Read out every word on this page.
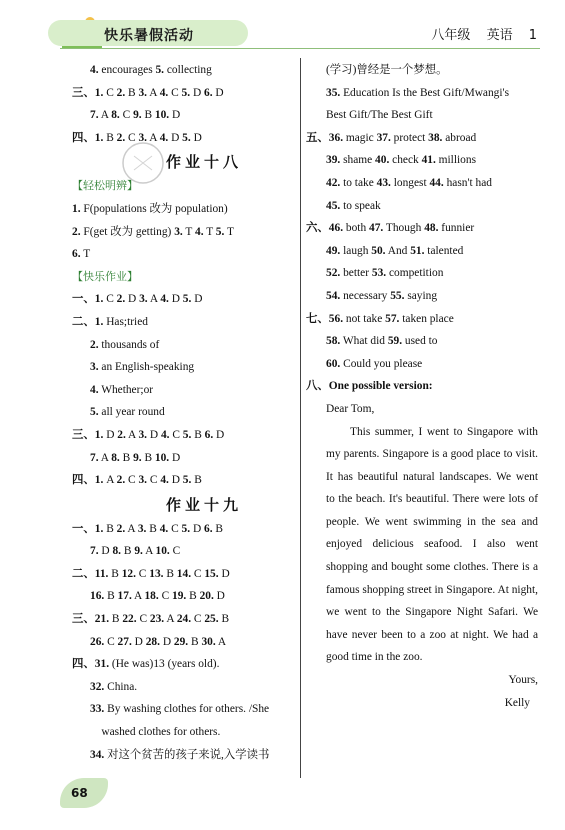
快乐暑假活动	八年级 英语 1
4. encourages 5. collecting
三、1. C 2. B 3. A 4. C 5. D 6. D
7. A 8. C 9. B 10. D
四、1. B 2. C 3. A 4. D 5. D
作业十八
【轻松明辨】
1. F(populations 改为 population)
2. F(get 改为 getting) 3. T 4. T 5. T
6. T
【快乐作业】
一、1. C 2. D 3. A 4. D 5. D
二、1. Has;tried
2. thousands of
3. an English-speaking
4. Whether;or
5. all year round
三、1. D 2. A 3. D 4. C 5. B 6. D
7. A 8. B 9. B 10. D
四、1. A 2. C 3. C 4. D 5. B
作业十九
一、1. B 2. A 3. B 4. C 5. D 6. B
7. D 8. B 9. A 10. C
二、11. B 12. C 13. B 14. C 15. D
16. B 17. A 18. C 19. B 20. D
三、21. B 22. C 23. A 24. C 25. B
26. C 27. D 28. D 29. B 30. A
四、31. (He was)13 (years old).
32. China.
33. By washing clothes for others. /She
washed clothes for others.
34. 对这个贫苦的孩子来说,入学读书
(学习)曾经是一个梦想。
35. Education Is the Best Gift/Mwangi's
Best Gift/The Best Gift
五、36. magic 37. protect 38. abroad
39. shame 40. check 41. millions
42. to take 43. longest 44. hasn't had
45. to speak
六、46. both 47. Though 48. funnier
49. laugh 50. And 51. talented
52. better 53. competition
54. necessary 55. saying
七、56. not take 57. taken place
58. What did 59. used to
60. Could you please
八、One possible version:
Dear Tom,
This summer, I went to Singapore with my parents. Singapore is a good place to visit. It has beautiful natural landscapes. We went to the beach. It's beautiful. There were lots of people. We went swimming in the sea and enjoyed delicious seafood. I also went shopping and bought some clothes. There is a famous shopping street in Singapore. At night, we went to the Singapore Night Safari. We have never been to a zoo at night. We had a good time in the zoo.
Yours,
Kelly
68
